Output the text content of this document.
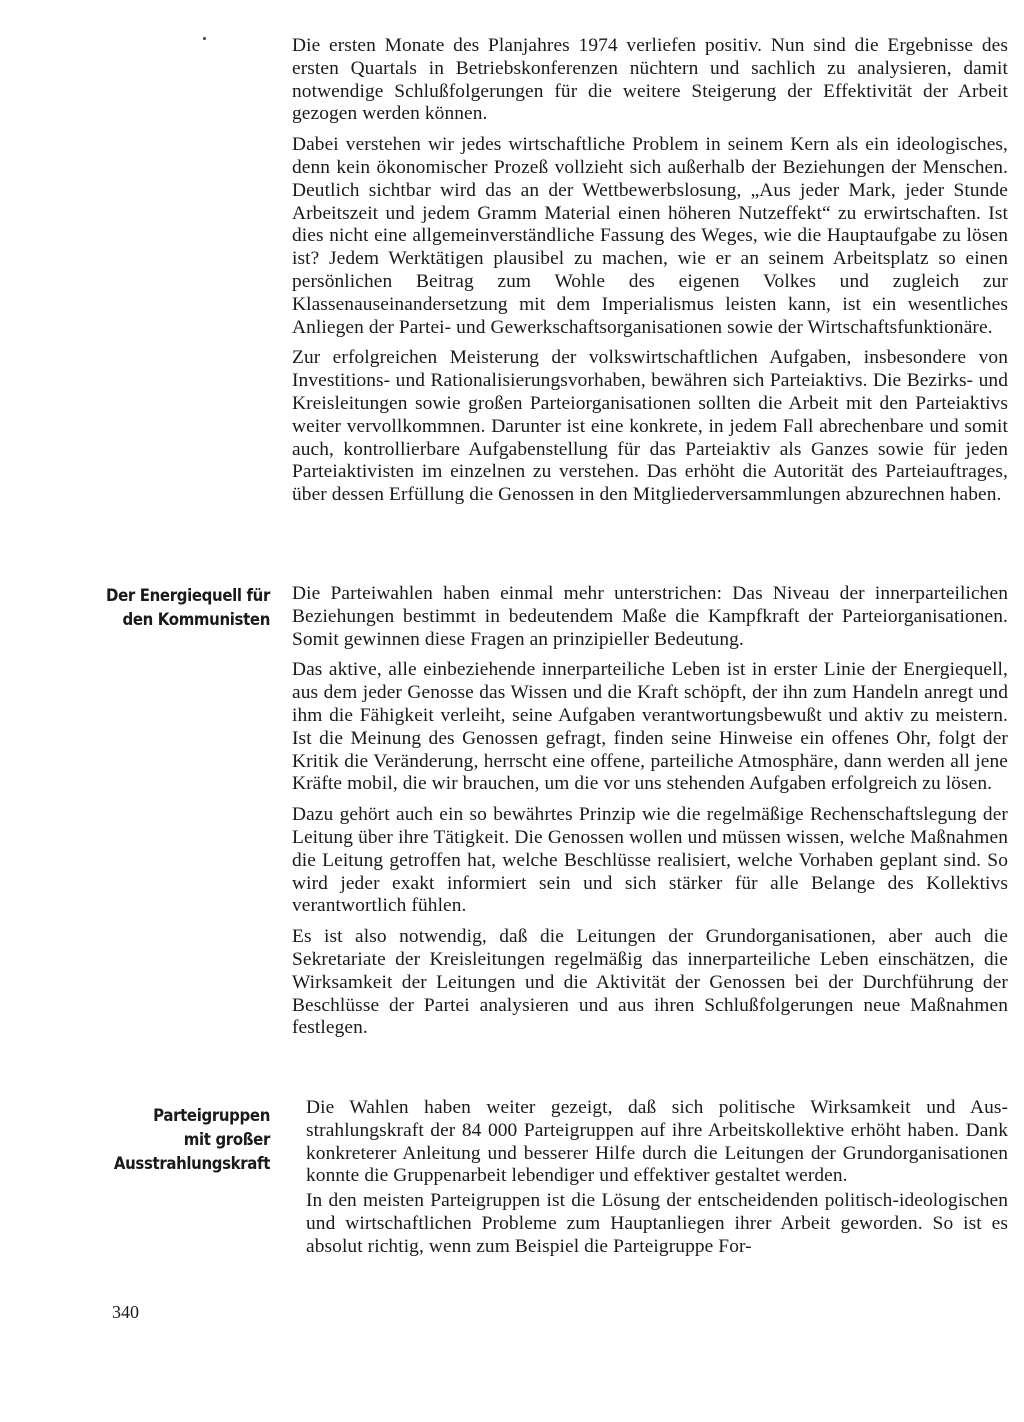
Die ersten Monate des Planjahres 1974 verliefen positiv. Nun sind die Ergebnisse des ersten Quartals in Betriebskonferenzen nüchtern und sachlich zu analysieren, damit notwendige Schlußfolgerungen für die weitere Steigerung der Effektivität der Arbeit gezogen werden können.

Dabei verstehen wir jedes wirtschaftliche Problem in seinem Kern als ein ideologisches, denn kein ökonomischer Prozeß vollzieht sich außerhalb der Beziehungen der Menschen. Deutlich sichtbar wird das an der Wettbewerbslosung, „Aus jeder Mark, jeder Stunde Arbeitszeit und jedem Gramm Material einen höheren Nutzeffekt“ zu erwirtschaften. Ist dies nicht eine allgemeinverständliche Fassung des Weges, wie die Hauptaufgabe zu lösen ist? Jedem Werktätigen plausibel zu machen, wie er an seinem Arbeitsplatz so einen persönlichen Beitrag zum Wohle des eigenen Volkes und zugleich zur Klassenauseinandersetzung mit dem Imperialismus leisten kann, ist ein wesentliches Anliegen der Partei- und Gewerkschaftsorganisationen sowie der Wirtschaftsfunktionäre.

Zur erfolgreichen Meisterung der volkswirtschaftlichen Aufgaben, insbesondere von Investitions- und Rationalisierungsvorhaben, bewähren sich Parteiaktivs. Die Bezirks- und Kreisleitungen sowie großen Parteiorganisationen sollten die Arbeit mit den Parteiaktivs weiter vervollkommnen. Darunter ist eine konkrete, in jedem Fall abrechenbare und somit auch, kontrollierbare Aufgabenstellung für das Parteiaktiv als Ganzes sowie für jeden Parteiaktivisten im einzelnen zu verstehen. Das erhöht die Autorität des Parteiauftrages, über dessen Erfüllung die Genossen in den Mitgliederversammlungen abzurechnen haben.

Der Energiequell für
den Kommunisten

Die Parteiwahlen haben einmal mehr unterstrichen: Das Niveau der innerparteilichen Beziehungen bestimmt in bedeutendem Maße die Kampfkraft der Parteiorganisationen. Somit gewinnen diese Fragen an prinzipieller Bedeutung.

Das aktive, alle einbeziehende innerparteiliche Leben ist in erster Linie der Energiequell, aus dem jeder Genosse das Wissen und die Kraft schöpft, der ihn zum Handeln anregt und ihm die Fähigkeit verleiht, seine Aufgaben verantwortungsbewußt und aktiv zu meistern. Ist die Meinung des Genossen gefragt, finden seine Hinweise ein offenes Ohr, folgt der Kritik die Veränderung, herrscht eine offene, parteiliche Atmosphäre, dann werden all jene Kräfte mobil, die wir brauchen, um die vor uns stehenden Aufgaben erfolgreich zu lösen.

Dazu gehört auch ein so bewährtes Prinzip wie die regelmäßige Rechenschaftslegung der Leitung über ihre Tätigkeit. Die Genossen wollen und müssen wissen, welche Maßnahmen die Leitung getroffen hat, welche Beschlüsse realisiert, welche Vorhaben geplant sind. So wird jeder exakt informiert sein und sich stärker für alle Belange des Kollektivs verantwortlich fühlen.

Es ist also notwendig, daß die Leitungen der Grundorganisationen, aber auch die Sekretariate der Kreisleitungen regelmäßig das innerparteiliche Leben einschätzen, die Wirksamkeit der Leitungen und die Aktivität der Genossen bei der Durchführung der Beschlüsse der Partei analysieren und aus ihren Schlußfolgerungen neue Maßnahmen festlegen.

Parteigruppen
mit großer
Ausstrahlungskraft

Die Wahlen haben weiter gezeigt, daß sich politische Wirksamkeit und Ausstrahlungskraft der 84 000 Parteigruppen auf ihre Arbeitskollektive erhöht haben. Dank konkreterer Anleitung und besserer Hilfe durch die Leitungen der Grundorganisationen konnte die Gruppenarbeit lebendiger und effektiver gestaltet werden.

In den meisten Parteigruppen ist die Lösung der entscheidenden politisch-ideologischen und wirtschaftlichen Probleme zum Hauptanliegen ihrer Arbeit geworden. So ist es absolut richtig, wenn zum Beispiel die Parteigruppe For-

340
